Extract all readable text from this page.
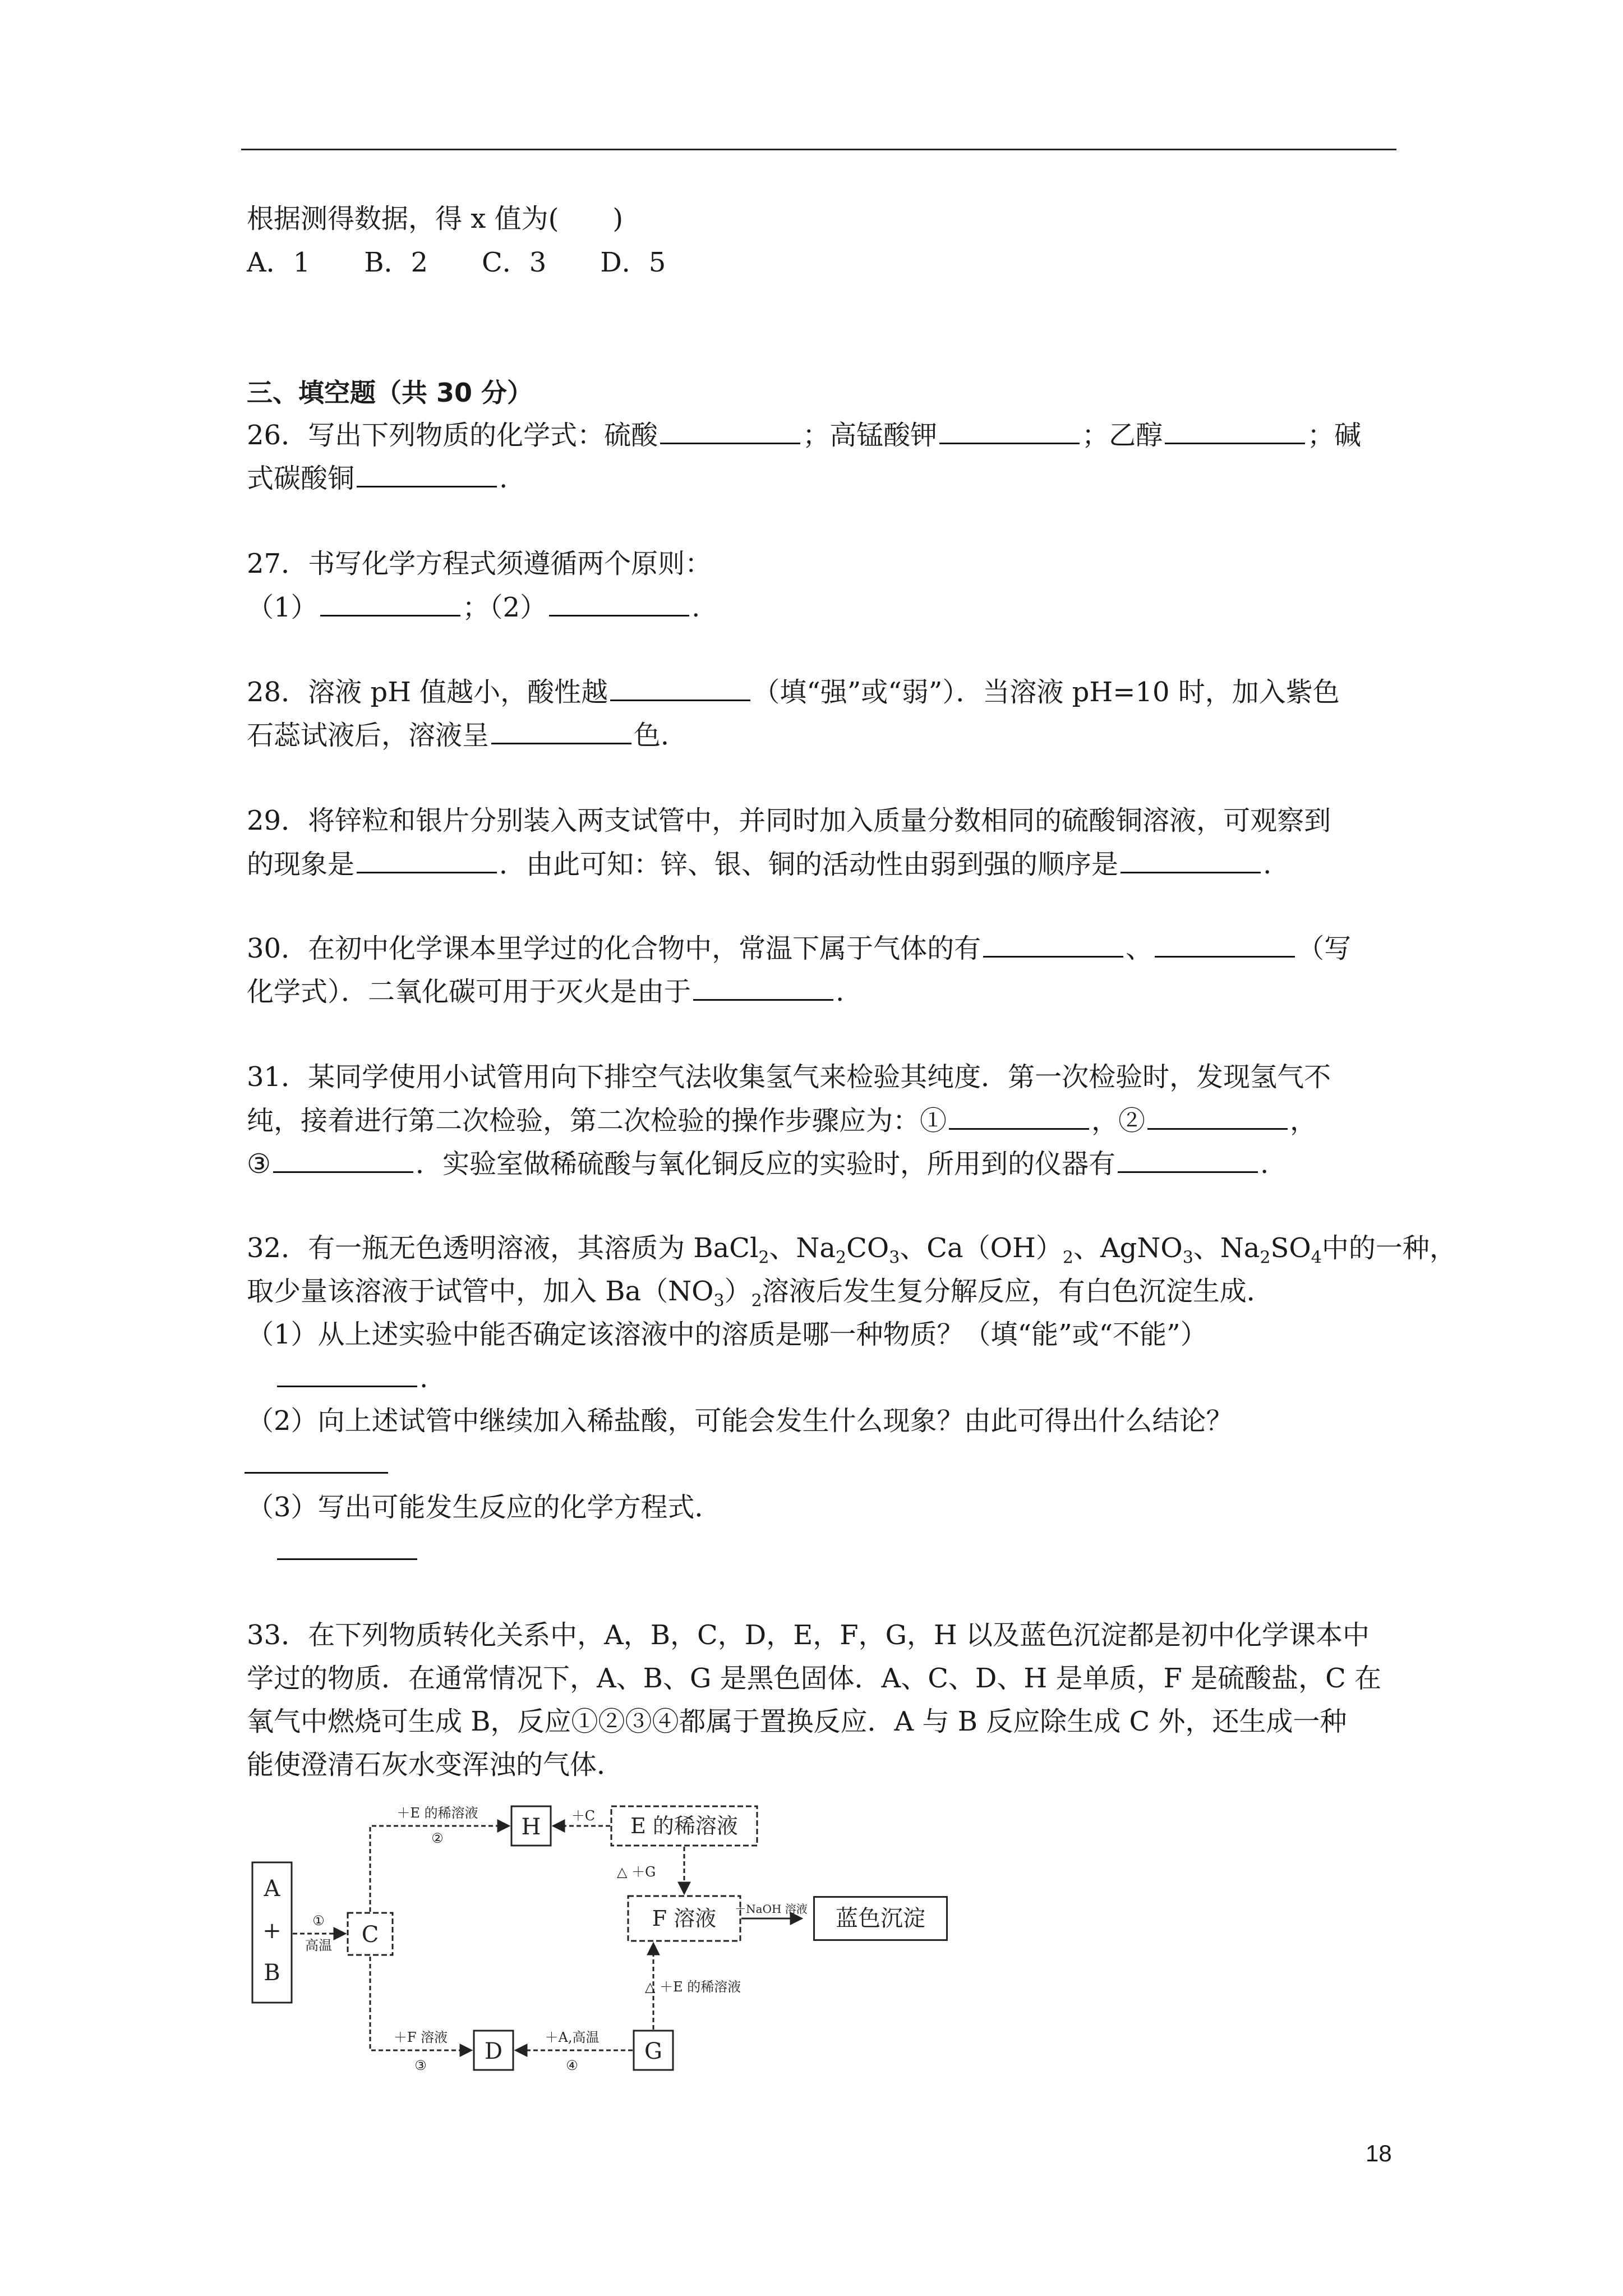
根据测得数据，得 x 值为(　　)
A．1　　B．2　　C．3　　D．5
三、填空题（共 30 分）
26．写出下列物质的化学式：硫酸	；高锰酸钾	；乙醇	；碱
式碳酸铜	.
27．书写化学方程式须遵循两个原则：
（1）	；（2）	.
28．溶液 pH 值越小，酸性越	（填“强”或“弱”）．当溶液 pH=10 时，加入紫色
石蕊试液后，溶液呈	色．
29．将锌粒和银片分别装入两支试管中，并同时加入质量分数相同的硫酸铜溶液，可观察到
的现象是	．由此可知：锌、银、铜的活动性由弱到强的顺序是	.
30．在初中化学课本里学过的化合物中，常温下属于气体的有	、	（写
化学式）．二氧化碳可用于灭火是由于	.
31．某同学使用小试管用向下排空气法收集氢气来检验其纯度．第一次检验时，发现氢气不
纯，接着进行第二次检验，第二次检验的操作步骤应为：①	，②	，
③	．实验室做稀硫酸与氧化铜反应的实验时，所用到的仪器有	.
32．有一瓶无色透明溶液，其溶质为 BaCl$_2$、$Na_2CO_3$、$Ca(OH)_2$、AgNO$_3$、$Na_2SO_4$中的一种，
取少量该溶液于试管中，加入 $Ba(NO_3)_2$溶液后发生复分解反应，有白色沉淀生成．
（1）从上述实验中能否确定该溶液中的溶质是哪一种物质？（填“能”或“不能”）
.
（2）向上述试管中继续加入稀盐酸，可能会发生什么现象？由此可得出什么结论？
（3）写出可能发生反应的化学方程式．
33．在下列物质转化关系中，A，B，C，D，E，F，G，H 以及蓝色沉淀都是初中化学课本中
学过的物质．在通常情况下，A、B、G 是黑色固体．A、C、D、H 是单质，F 是硫酸盐，C 在
氧气中燃烧可生成 B，反应①②③④都属于置换反应．A 与 B 反应除生成 C 外，还生成一种
能使澄清石灰水变浑浊的气体．
A
+
B
C
H	E 的稀溶液
F 溶液
D	G
①
高温
＋E 的稀溶液
②
＋C
△ ＋G
＋NaOH 溶液
△ ＋E 的稀溶液
＋F 溶液
③
＋A,高温
④
蓝色沉淀
18
